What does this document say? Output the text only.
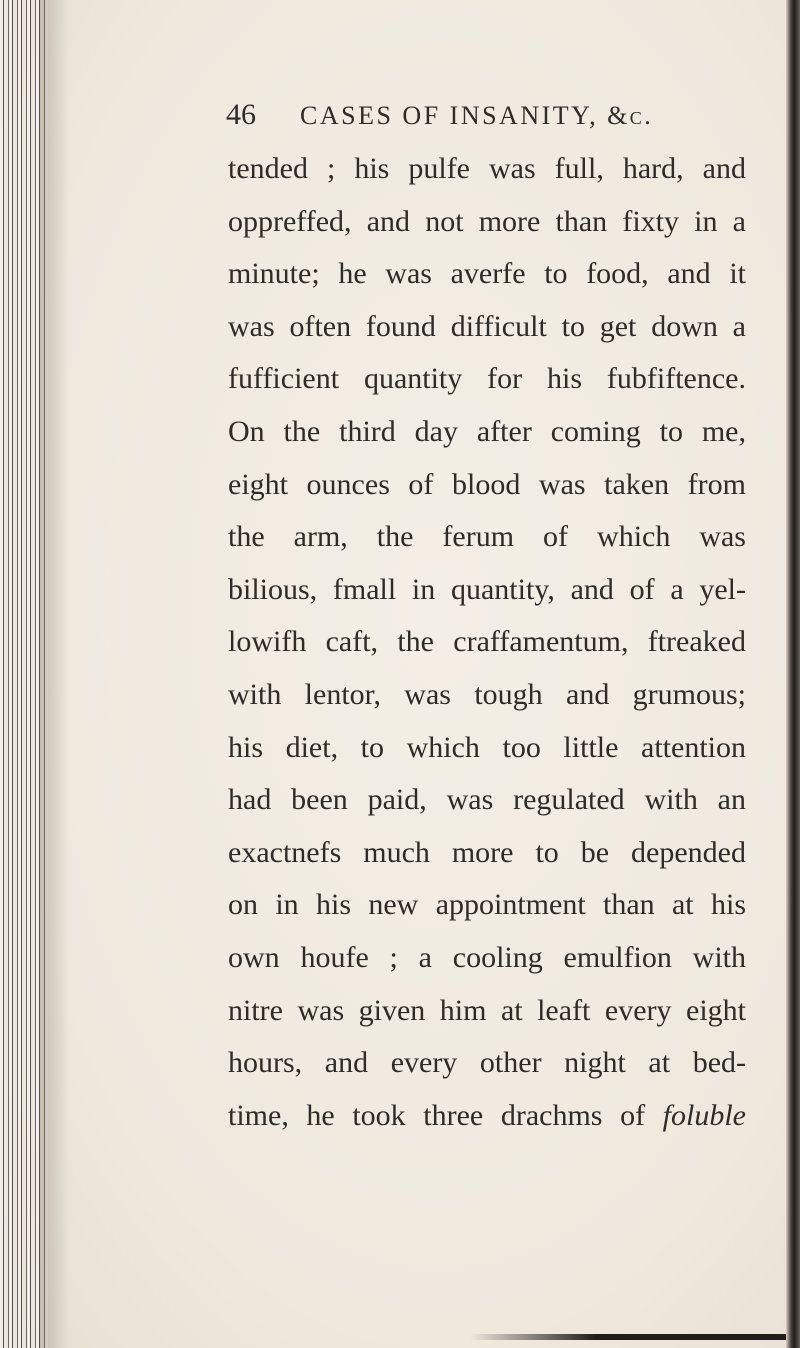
46	CASES OF INSANITY, &c.
tended ; his pulfe was full, hard, and
oppreffed, and not more than fixty in a
minute; he was averfe to food, and it
was often found difficult to get down a
fufficient quantity for his fubfiftence.
On the third day after coming to me,
eight ounces of blood was taken from
the arm, the ferum of which was
bilious, fmall in quantity, and of a yel-
lowifh caft, the craffamentum, ftreaked
with lentor, was tough and grumous;
his diet, to which too little attention
had been paid, was regulated with an
exactnefs much more to be depended
on in his new appointment than at his
own houfe ; a cooling emulfion with
nitre was given him at leaft every eight
hours, and every other night at bed-
time, he took three drachms of foluble
